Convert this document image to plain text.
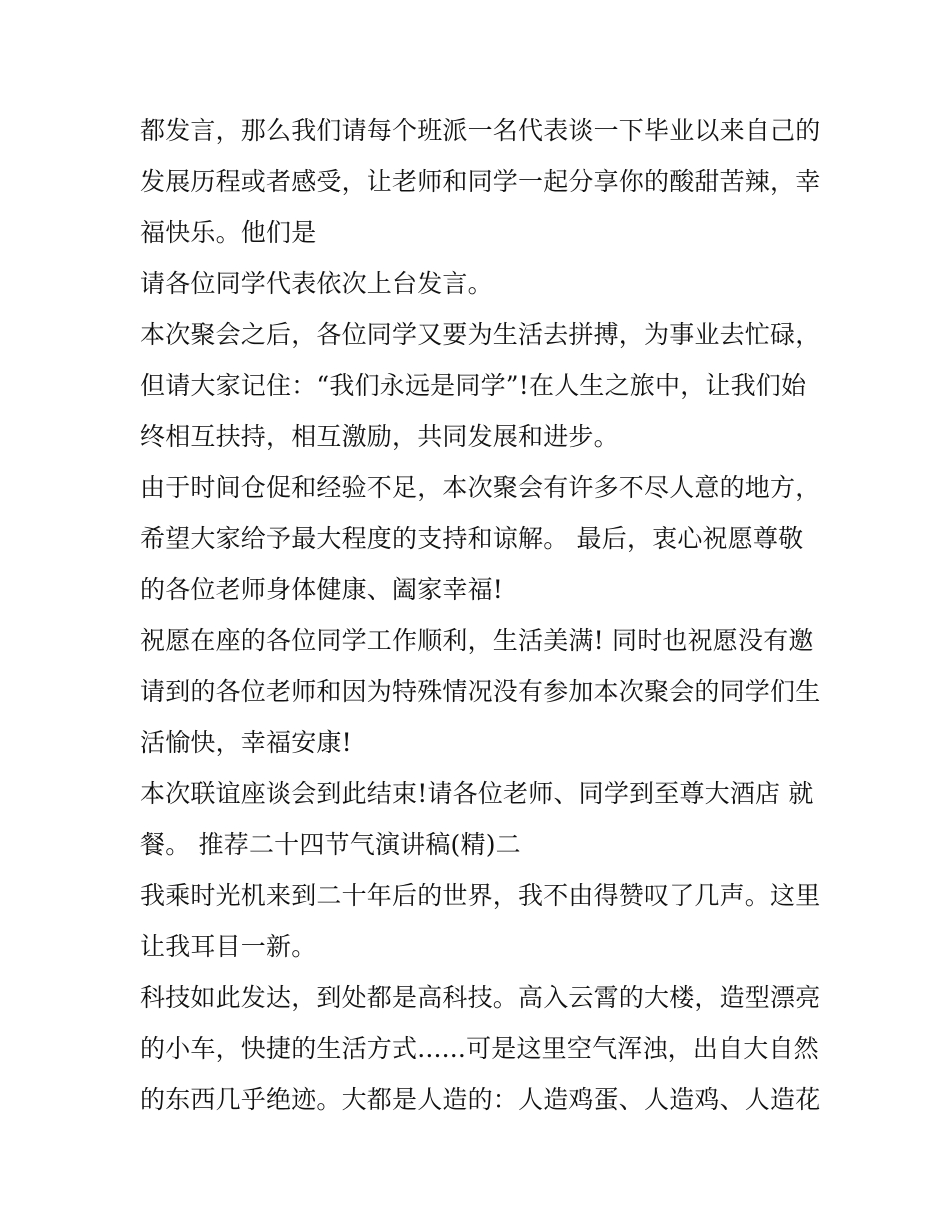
都发言，那么我们请每个班派一名代表谈一下毕业以来自己的
发展历程或者感受，让老师和同学一起分享你的酸甜苦辣，幸
福快乐。他们是
请各位同学代表依次上台发言。
本次聚会之后，各位同学又要为生活去拼搏，为事业去忙碌，
但请大家记住：“我们永远是同学”!在人生之旅中，让我们始
终相互扶持，相互激励，共同发展和进步。
由于时间仓促和经验不足，本次聚会有许多不尽人意的地方，
希望大家给予最大程度的支持和谅解。 最后，衷心祝愿尊敬
的各位老师身体健康、阖家幸福!
祝愿在座的各位同学工作顺利，生活美满! 同时也祝愿没有邀
请到的各位老师和因为特殊情况没有参加本次聚会的同学们生
活愉快，幸福安康!
本次联谊座谈会到此结束!请各位老师、同学到至尊大酒店 就
餐。 推荐二十四节气演讲稿(精)二
我乘时光机来到二十年后的世界，我不由得赞叹了几声。这里
让我耳目一新。
科技如此发达，到处都是高科技。高入云霄的大楼，造型漂亮
的小车，快捷的生活方式......可是这里空气浑浊，出自大自然
的东西几乎绝迹。大都是人造的：人造鸡蛋、人造鸡、人造花
